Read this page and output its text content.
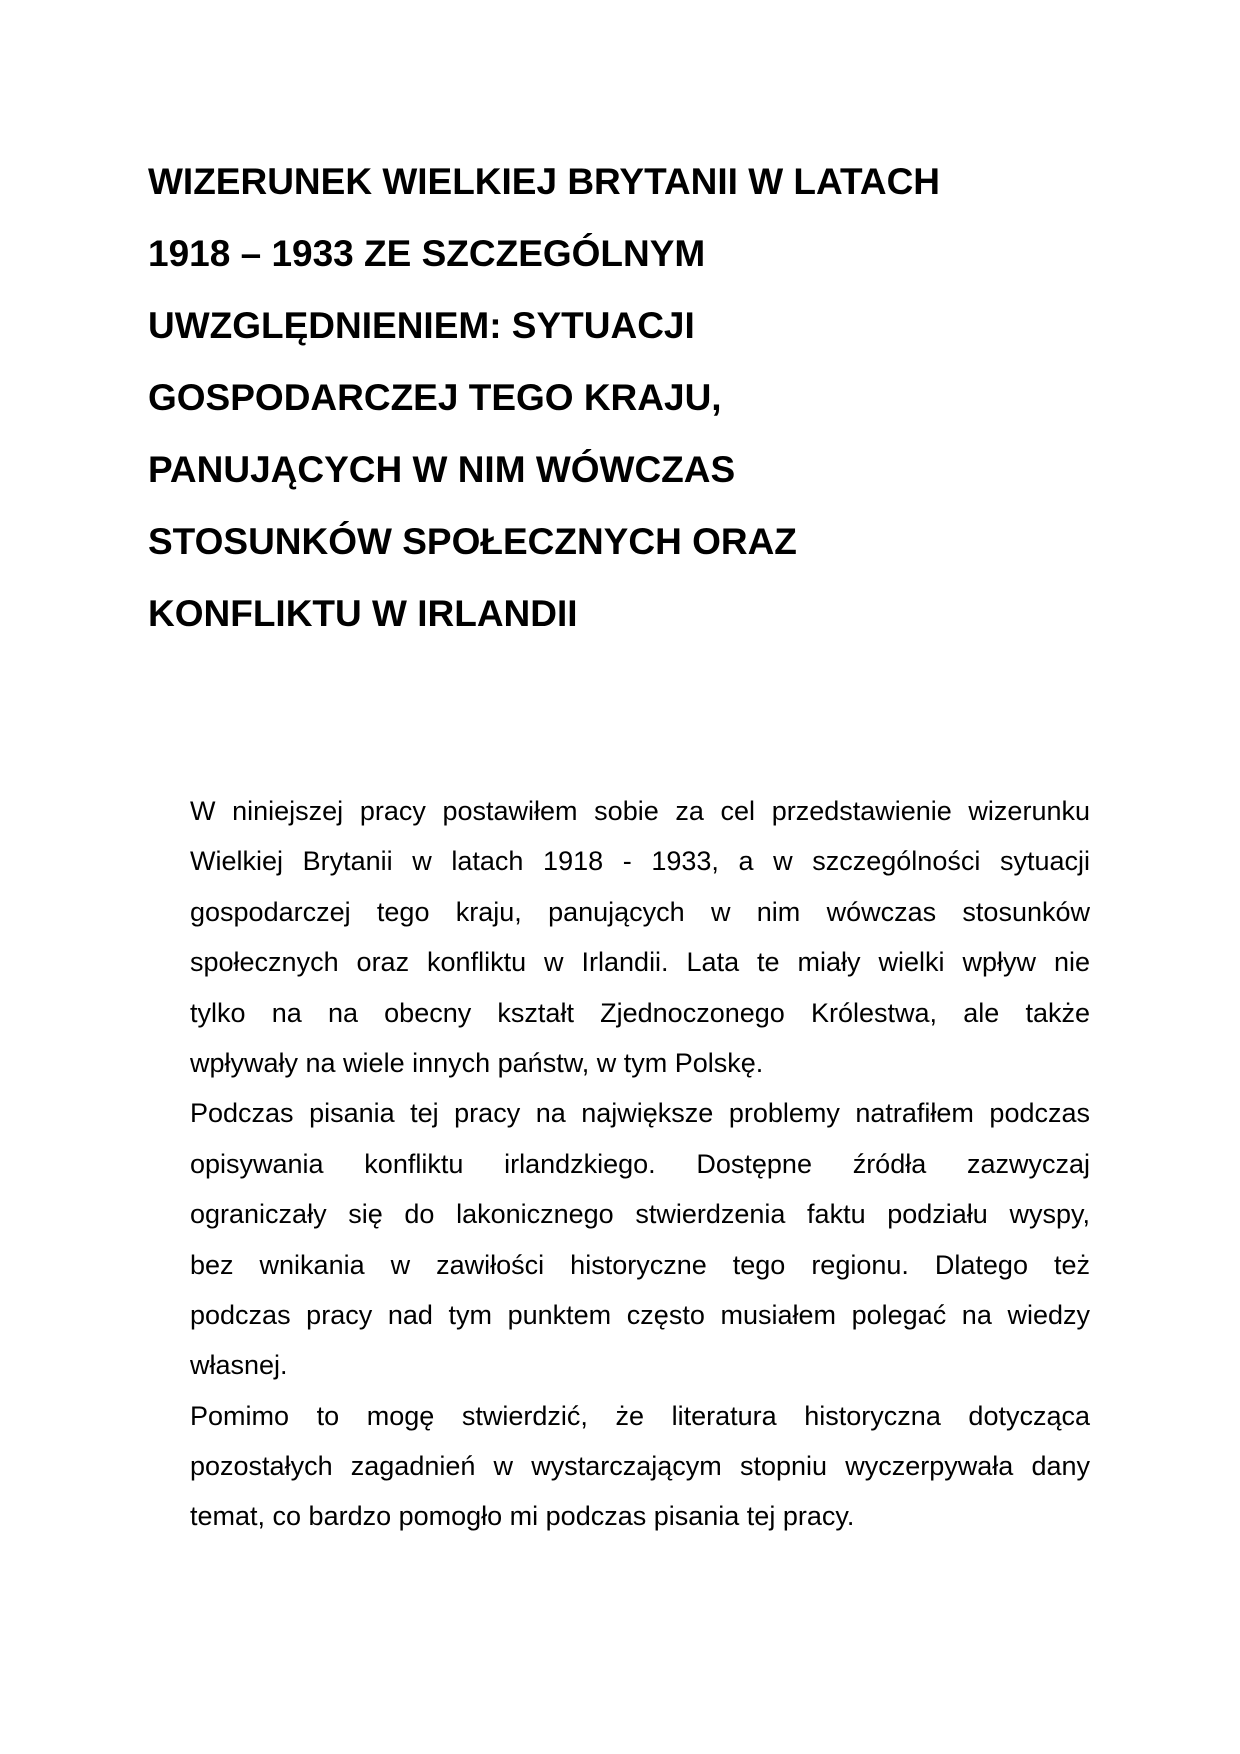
WIZERUNEK WIELKIEJ BRYTANII W LATACH
1918 – 1933 ZE SZCZEGÓLNYM
UWZGLĘDNIENIEM: SYTUACJI
GOSPODARCZEJ TEGO KRAJU,
PANUJĄCYCH W NIM WÓWCZAS
STOSUNKÓW SPOŁECZNYCH ORAZ
KONFLIKTU W IRLANDII
W niniejszej pracy postawiłem sobie za cel przedstawienie wizerunku
Wielkiej Brytanii w latach 1918 - 1933, a w szczególności sytuacji
gospodarczej tego kraju, panujących w nim wówczas stosunków
społecznych oraz konfliktu w Irlandii. Lata te miały wielki wpływ nie
tylko na na obecny kształt Zjednoczonego Królestwa, ale także
wpływały na wiele innych państw, w tym Polskę.
Podczas pisania tej pracy na największe problemy natrafiłem podczas
opisywania konfliktu irlandzkiego. Dostępne źródła zazwyczaj
ograniczały się do lakonicznego stwierdzenia faktu podziału wyspy,
bez wnikania w zawiłości historyczne tego regionu. Dlatego też
podczas pracy nad tym punktem często musiałem polegać na wiedzy
własnej.
Pomimo to mogę stwierdzić, że literatura historyczna dotycząca
pozostałych zagadnień w wystarczającym stopniu wyczerpywała dany
temat, co bardzo pomogło mi podczas pisania tej pracy.
